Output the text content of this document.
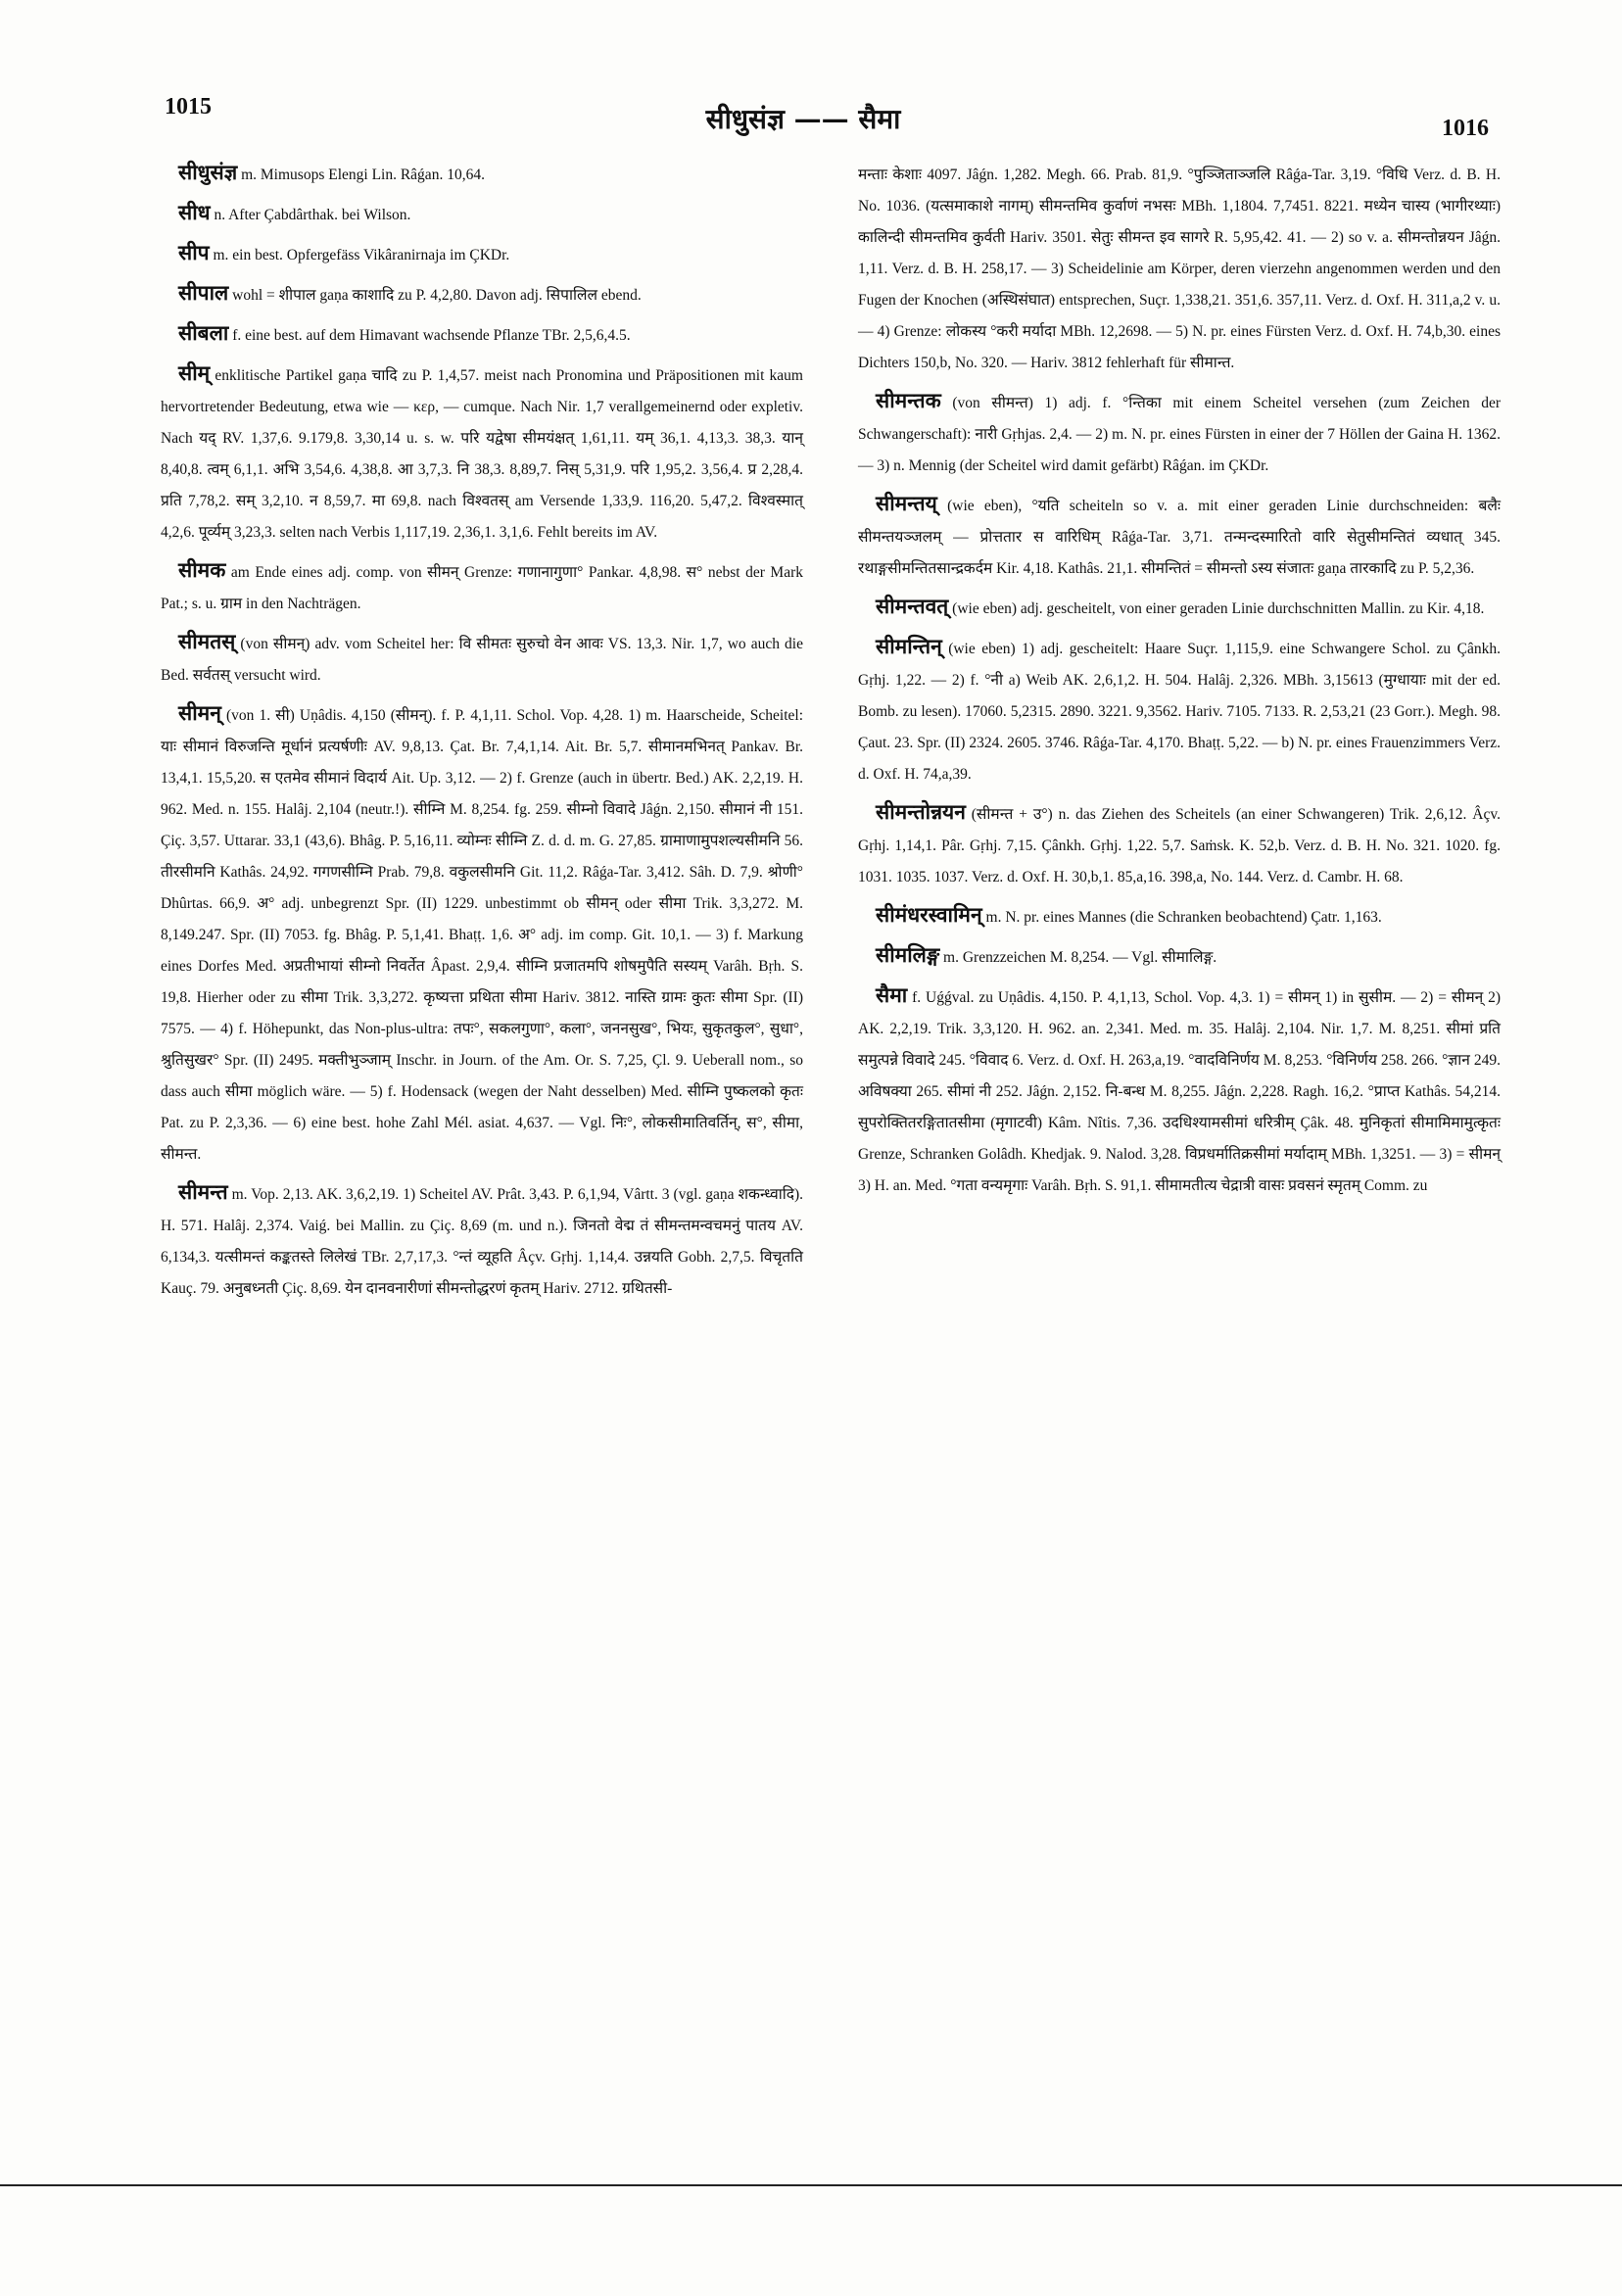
1015	सीधुसंज्ञ —— सैमा	1016

सीधुसंज्ञ m. Mimusops Elengi Lin. Râǵan. 10,64.

सीध n. After Çabdârthak. bei Wilson.

सीप m. ein best. Opfergefäss Vikâranirnaja im ÇKDr.

सीपाल wohl = शीपाल gaṇa काशादि zu P. 4,2,80. Davon adj. सिपालिल ebend.

सीबला f. eine best. auf dem Himavant wachsende Pflanze TBr. 2,5,6,4.5.

सीम् enklitische Partikel gaṇa चादि zu P. 1,4,57. meist nach Pronomina und Präpositionen mit kaum hervortretender Bedeutung, etwa wie — κερ, — cumque. Nach Nir. 1,7 verallgemeinernd oder expletiv. Nach यद् RV. 1,37,6. 9.179,8. 3,30,14 u. s. w. परि यद्वेषा सीमयंक्षत् 1,61,11. यम् 36,1. 4,13,3. 38,3. यान् 8,40,8. त्वम् 6,1,1. अभि 3,54,6. 4,38,8. आ 3,7,3. नि 38,3. 8,89,7. निस् 5,31,9. परि 1,95,2. 3,56,4. प्र 2,28,4. प्रति 7,78,2. सम् 3,2,10. न 8,59,7. मा 69,8. nach विश्वतस् am Versende 1,33,9. 116,20. 5,47,2. विश्वस्मात् 4,2,6. पूर्व्यम् 3,23,3. selten nach Verbis 1,117,19. 2,36,1. 3,1,6. Fehlt bereits im AV.

सीमक am Ende eines adj. comp. von सीमन् Grenze: गणानागुणा° Pankar. 4,8,98. स° nebst der Mark Pat.; s. u. ग्राम in den Nachträgen.

सीमतस् (von सीमन्) adv. vom Scheitel her: वि सीमतः सुरुचो वेन आवः VS. 13,3. Nir. 1,7, wo auch die Bed. सर्वतस् versucht wird.

सीमन् (von 1. सी) Uṇâdis. 4,150 (सीमन्). f. P. 4,1,11. Schol. Vop. 4,28. 1) m. Haarscheide, Scheitel: याः सीमानं विरुजन्ति मूर्धानं प्रत्यर्षणीः AV. 9,8,13. Çat. Br. 7,4,1,14. Ait. Br. 5,7. सीमानमभिनत् Pankav. Br. 13,4,1. 15,5,20. स एतमेव सीमानं विदार्य Ait. Up. 3,12. — 2) f. Grenze (auch in übertr. Bed.) AK. 2,2,19. H. 962. Med. n. 155. Halâj. 2,104 (neutr.!). सीम्नि M. 8,254. fg. 259. सीम्नो विवादे Jâǵn. 2,150. सीमानं नी 151. Çiç. 3,57. Uttarar. 33,1 (43,6). Bhâg. P. 5,16,11. व्योम्नः सीम्नि Z. d. d. m. G. 27,85. ग्रामाणामुपशल्यसीमनि 56. तीरसीमनि Kathâs. 24,92. गगणसीम्नि Prab. 79,8. वकुलसीमनि Git. 11,2. Râǵa-Tar. 3,412. Sâh. D. 7,9. श्रोणी° Dhûrtas. 66,9. अ° adj. unbegrenzt Spr. (II) 1229. unbestimmt ob सीमन् oder सीमा Trik. 3,3,272. M. 8,149.247. Spr. (II) 7053. fg. Bhâg. P. 5,1,41. Bhaṭṭ. 1,6. अ° adj. im comp. Git. 10,1. — 3) f. Markung eines Dorfes Med. अप्रतीभायां सीम्नो निवर्तेत Âpast. 2,9,4. सीम्नि प्रजातमपि शोषमुपैति सस्यम् Varâh. Bṛh. S. 19,8. Hierher oder zu सीमा Trik. 3,3,272. कृष्यत्ता प्रथिता सीमा Hariv. 3812. नास्ति ग्रामः कुतः सीमा Spr. (II) 7575. — 4) f. Höhepunkt, das Non-plus-ultra: तपः°, सकलगुणा°, कला°, जननसुख°, भियः, सुकृतकुल°, सुधा°, श्रुतिसुखर° Spr. (II) 2495. मक्तीभुञ्जाम् Inschr. in Journ. of the Am. Or. S. 7,25, Çl. 9. Ueberall nom., so dass auch सीमा möglich wäre. — 5) f. Hodensack (wegen der Naht desselben) Med. सीम्नि पुष्कलको कृतः Pat. zu P. 2,3,36. — 6) eine best. hohe Zahl Mél. asiat. 4,637. — Vgl. निः°, लोकसीमातिवर्तिन्, स°, सीमा, सीमन्त.

सीमन्त m. Vop. 2,13. AK. 3,6,2,19. 1) Scheitel AV. Prât. 3,43. P. 6,1,94, Vârtt. 3 (vgl. gaṇa शकन्ध्वादि). H. 571. Halâj. 2,374. Vaiǵ. bei Mallin. zu Çiç. 8,69 (m. und n.). जिनतो वेद्म तं सीमन्तमन्वचमनुं पातय AV. 6,134,3. यत्सीमन्तं कङ्कतस्ते लिलेखं TBr. 2,7,17,3. °न्तं व्यूहति Âçv. Gṛhj. 1,14,4. उन्नयति Gobh. 2,7,5. विचृतति Kauç. 79. अनुबध्नती Çiç. 8,69. येन दानवनारीणां सीमन्तोद्धरणं कृतम् Hariv. 2712. ग्रथितसी-

मन्ताः केशाः 4097. Jâǵn. 1,282. Megh. 66. Prab. 81,9. °पुञ्जिताञ्जलि Râǵa-Tar. 3,19. °विधि Verz. d. B. H. No. 1036. (यत्समाकाशे नागम्) सीमन्तमिव कुर्वाणं नभसः MBh. 1,1804. 7,7451. 8221. मध्येन चास्य (भागीरथ्याः) कालिन्दी सीमन्तमिव कुर्वती Hariv. 3501. सेतुः सीमन्त इव सागरे R. 5,95,42. 41. — 2) so v. a. सीमन्तोन्नयन Jâǵn. 1,11. Verz. d. B. H. 258,17. — 3) Scheidelinie am Körper, deren vierzehn angenommen werden und den Fugen der Knochen (अस्थिसंघात) entsprechen, Suçr. 1,338,21. 351,6. 357,11. Verz. d. Oxf. H. 311,a,2 v. u. — 4) Grenze: लोकस्य °करी मर्यादा MBh. 12,2698. — 5) N. pr. eines Fürsten Verz. d. Oxf. H. 74,b,30. eines Dichters 150,b, No. 320. — Hariv. 3812 fehlerhaft für सीमान्त.

सीमन्तक (von सीमन्त) 1) adj. f. °न्तिका mit einem Scheitel versehen (zum Zeichen der Schwangerschaft): नारी Gṛhjas. 2,4. — 2) m. N. pr. eines Fürsten in einer der 7 Höllen der Gaina H. 1362. — 3) n. Mennig (der Scheitel wird damit gefärbt) Râǵan. im ÇKDr.

सीमन्तय् (wie eben), °यति scheiteln so v. a. mit einer geraden Linie durchschneiden: बलैः सीमन्तयञ्जलम् — प्रोत्ततार स वारिधिम् Râǵa-Tar. 3,71. तन्मन्दस्मारितो वारि सेतुसीमन्तितं व्यधात् 345. रथाङ्गसीमन्तितसान्द्रकर्दम Kir. 4,18. Kathâs. 21,1. सीमन्तितं = सीमन्तो ऽस्य संजातः gaṇa तारकादि zu P. 5,2,36.

सीमन्तवत् (wie eben) adj. gescheitelt, von einer geraden Linie durchschnitten Mallin. zu Kir. 4,18.

सीमन्तिन् (wie eben) 1) adj. gescheitelt: Haare Suçr. 1,115,9. eine Schwangere Schol. zu Çânkh. Gṛhj. 1,22. — 2) f. °नी a) Weib AK. 2,6,1,2. H. 504. Halâj. 2,326. MBh. 3,15613 (मुग्धायाः mit der ed. Bomb. zu lesen). 17060. 5,2315. 2890. 3221. 9,3562. Hariv. 7105. 7133. R. 2,53,21 (23 Gorr.). Megh. 98. Çaut. 23. Spr. (II) 2324. 2605. 3746. Râǵa-Tar. 4,170. Bhaṭṭ. 5,22. — b) N. pr. eines Frauenzimmers Verz. d. Oxf. H. 74,a,39.

सीमन्तोन्नयन (सीमन्त + उ°) n. das Ziehen des Scheitels (an einer Schwangeren) Trik. 2,6,12. Âçv. Gṛhj. 1,14,1. Pâr. Gṛhj. 7,15. Çânkh. Gṛhj. 1,22. 5,7. Saṁsk. K. 52,b. Verz. d. B. H. No. 321. 1020. fg. 1031. 1035. 1037. Verz. d. Oxf. H. 30,b,1. 85,a,16. 398,a, No. 144. Verz. d. Cambr. H. 68.

सीमंधरस्वामिन् m. N. pr. eines Mannes (die Schranken beobachtend) Çatr. 1,163.

सीमलिङ्ग m. Grenzzeichen M. 8,254. — Vgl. सीमालिङ्ग.

सैमा f. Uǵǵval. zu Uṇâdis. 4,150. P. 4,1,13, Schol. Vop. 4,3. 1) = सीमन् 1) in सुसीम. — 2) = सीमन् 2) AK. 2,2,19. Trik. 3,3,120. H. 962. an. 2,341. Med. m. 35. Halâj. 2,104. Nir. 1,7. M. 8,251. सीमां प्रति समुत्पन्ने विवादे 245. °विवाद 6. Verz. d. Oxf. H. 263,a,19. °वादविनिर्णय M. 8,253. °विनिर्णय 258. 266. °ज्ञान 249. अविषक्या 265. सीमां नी 252. Jâǵn. 2,152. नि-बन्ध M. 8,255. Jâǵn. 2,228. Ragh. 16,2. °प्राप्त Kathâs. 54,214. सुपरोक्तितरङ्गितातसीमा (मृगाटवी) Kâm. Nîtis. 7,36. उदधिश्यामसीमां धरित्रीम् Çâk. 48. मुनिकृतां सीमामिमामुत्कृतः Grenze, Schranken Golâdh. Khedjak. 9. Nalod. 3,28. विप्रधर्मातिक्रसीमां मर्यादाम् MBh. 1,3251. — 3) = सीमन् 3) H. an. Med. °गता वन्यमृगाः Varâh. Bṛh. S. 91,1. सीमामतीत्य चेद्रात्री वासः प्रवसनं स्मृतम् Comm. zu
